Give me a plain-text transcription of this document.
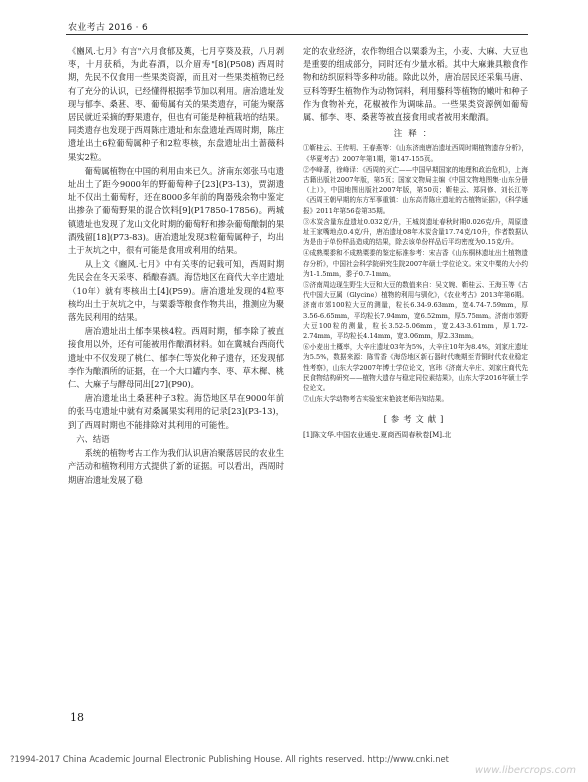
农业考古 2016 · 6

《豳风.七月》有言"六月食郁及薁，七月亨葵及菽，八月剥枣，十月获稻，为此春酒，以介眉寿"[8](P508) 西周时期，先民不仅食用一些果类资源，而且对一些果类植物已经有了充分的认识，已经懂得根据季节加以利用。唐冶遗址发现与郁李、桑葚、枣、葡萄属有关的果类遗存，可能为聚落居民就近采摘的野果遗存，但也有可能是种植栽培的结果。同类遗存也发现于西周陈庄遗址和东盘遗址西周时期，陈庄遗址出土6粒葡萄属种子和2粒枣核，东盘遗址出土蔷薇科果实2粒。

葡萄属植物在中国的利用由来已久。济南东郊张马屯遗址出土了距今9000年的野葡萄种子[23](P3-13)，贾湖遗址不仅出土葡萄籽，还在8000多年前的陶器残余物中鉴定出掺杂了葡萄野果的混合饮料[9](P17850-17856)。两城镇遗址也发现了龙山文化时期的葡萄籽和掺杂葡萄酿制的果酒残留[18](P73-83)。唐冶遗址发现3粒葡萄属种子，均出土于灰坑之中，很有可能是食用或利用的结果。

从上文《豳风.七月》中有关枣的记载可知，西周时期先民会在冬天采枣、稻酿春酒。海岱地区在商代大辛庄遗址（10年）就有枣核出土[4](P59)。唐冶遗址发现的4粒枣核均出土于灰坑之中，与粟黍等粮食作物共出，推测应为聚落先民利用的结果。

唐冶遗址出土郁李果核4粒。西周时期，郁李除了被直接食用以外，还有可能被用作酿酒材料。如在冀城台西商代遗址中不仅发现了桃仁、郁李仁等炭化种子遗存，还发现郁李作为酿酒所的证据，在一个大口罐内李、枣、草木樨、桃仁、大麻子与酵母同出[27](P90)。

唐冶遗址出土桑葚种子3粒。海岱地区早在9000年前的张马屯遗址中就有对桑属果实利用的记录[23](P3-13)，到了西周时期也不能排除对其利用的可能性。

六、结语

系统的植物考古工作为我们认识唐冶聚落居民的农业生产活动和植物利用方式提供了新的证据。可以看出，西周时期唐冶遗址发展了稳

定的农业经济，农作物组合以粟黍为主，小麦、大麻、大豆也是重要的组成部分，同时还有少量水稻。其中大麻兼具粮食作物和纺织原料等多种功能。除此以外，唐冶居民还采集马唐、豆科等野生植物作为动物饲料，利用藜科等植物的嫩叶和种子作为食物补充，花椒被作为调味品。一些果类资源例如葡萄属、郁李、枣、桑葚等被直接食用或者被用来酿酒。

注释：
①靳桂云、王传明、王春燕等：《山东济南唐冶遗址西周时期植物遗存分析》，《华夏考古》2007年第1期，第147-155页。
②李峰著，徐峰译：《西周的灭亡——中国早期国家的地理和政治危机》，上海古籍出版社2007年版，第5页；国家文物局主编《中国文物地图集·山东分册（上）》，中国地图出版社2007年版，第50页；靳桂云、郑同修、刘长江等《西周王朝早期的东方军事重镇：山东高青陈庄遗址的古植物证据》，《科学通报》2011年第56卷第35期。
③木炭含量东盘遗址0.032克/升，王城岗遗址春秋时期0.026克/升，周原遗址王家嘴地点0.4克/升，唐冶遗址08年木炭含量17.74克/10升，作者数据认为是由于单份样品造成的结果，除去该单份样品后平均密度为0.15克/升。
④成熟粟黍和不成熟粟黍的鉴定标准参考：宋吉香《山东桐林遗址出土植物遗存分析》，中国社会科学院研究生院2007年硕士学位论文。宋文中粟的大小约为1-1.5mm，黍子0.7-1mm。
⑤济南周边现生野生大豆和大豆的数值来自：吴文婉、靳桂云、王海玉等《古代中国大豆属（Glycine）植物的利用与驯化》，《农业考古》2013年第6期。济南市郊100粒大豆的测量，粒长6.34-9.63mm，宽4.74-7.59mm，厚3.56-6.65mm，平均粒长7.94mm，宽6.52mm，厚5.75mm。济南市郊野大豆100粒的测量，粒长3.52-5.06mm，宽2.43-3.61mm，厚1.72-2.74mm，平均粒长4.14mm，宽3.06mm，厚2.33mm。
⑥小麦出土概率，大辛庄遗址03年为5%，大辛庄10年为8.4%，刘家庄遗址为5.5%，数据来源：陈雪香《海岱地区新石器时代晚期至青铜时代农业稳定性考察》，山东大学2007年博士学位论文，宫玮《济南大辛庄、刘家庄商代先民食物结构研究——植物大遗存与稳定同位素结果》，山东大学2016年硕士学位论文。
⑦山东大学动物考古实验室宋艳波老师告知结果。
[参考文献]
[1]陈文华.中国农业通史.夏商西周春秋卷[M].北
18
?1994-2017 China Academic Journal Electronic Publishing House. All rights reserved. http://www.cnki.net
www.libercrops.com
